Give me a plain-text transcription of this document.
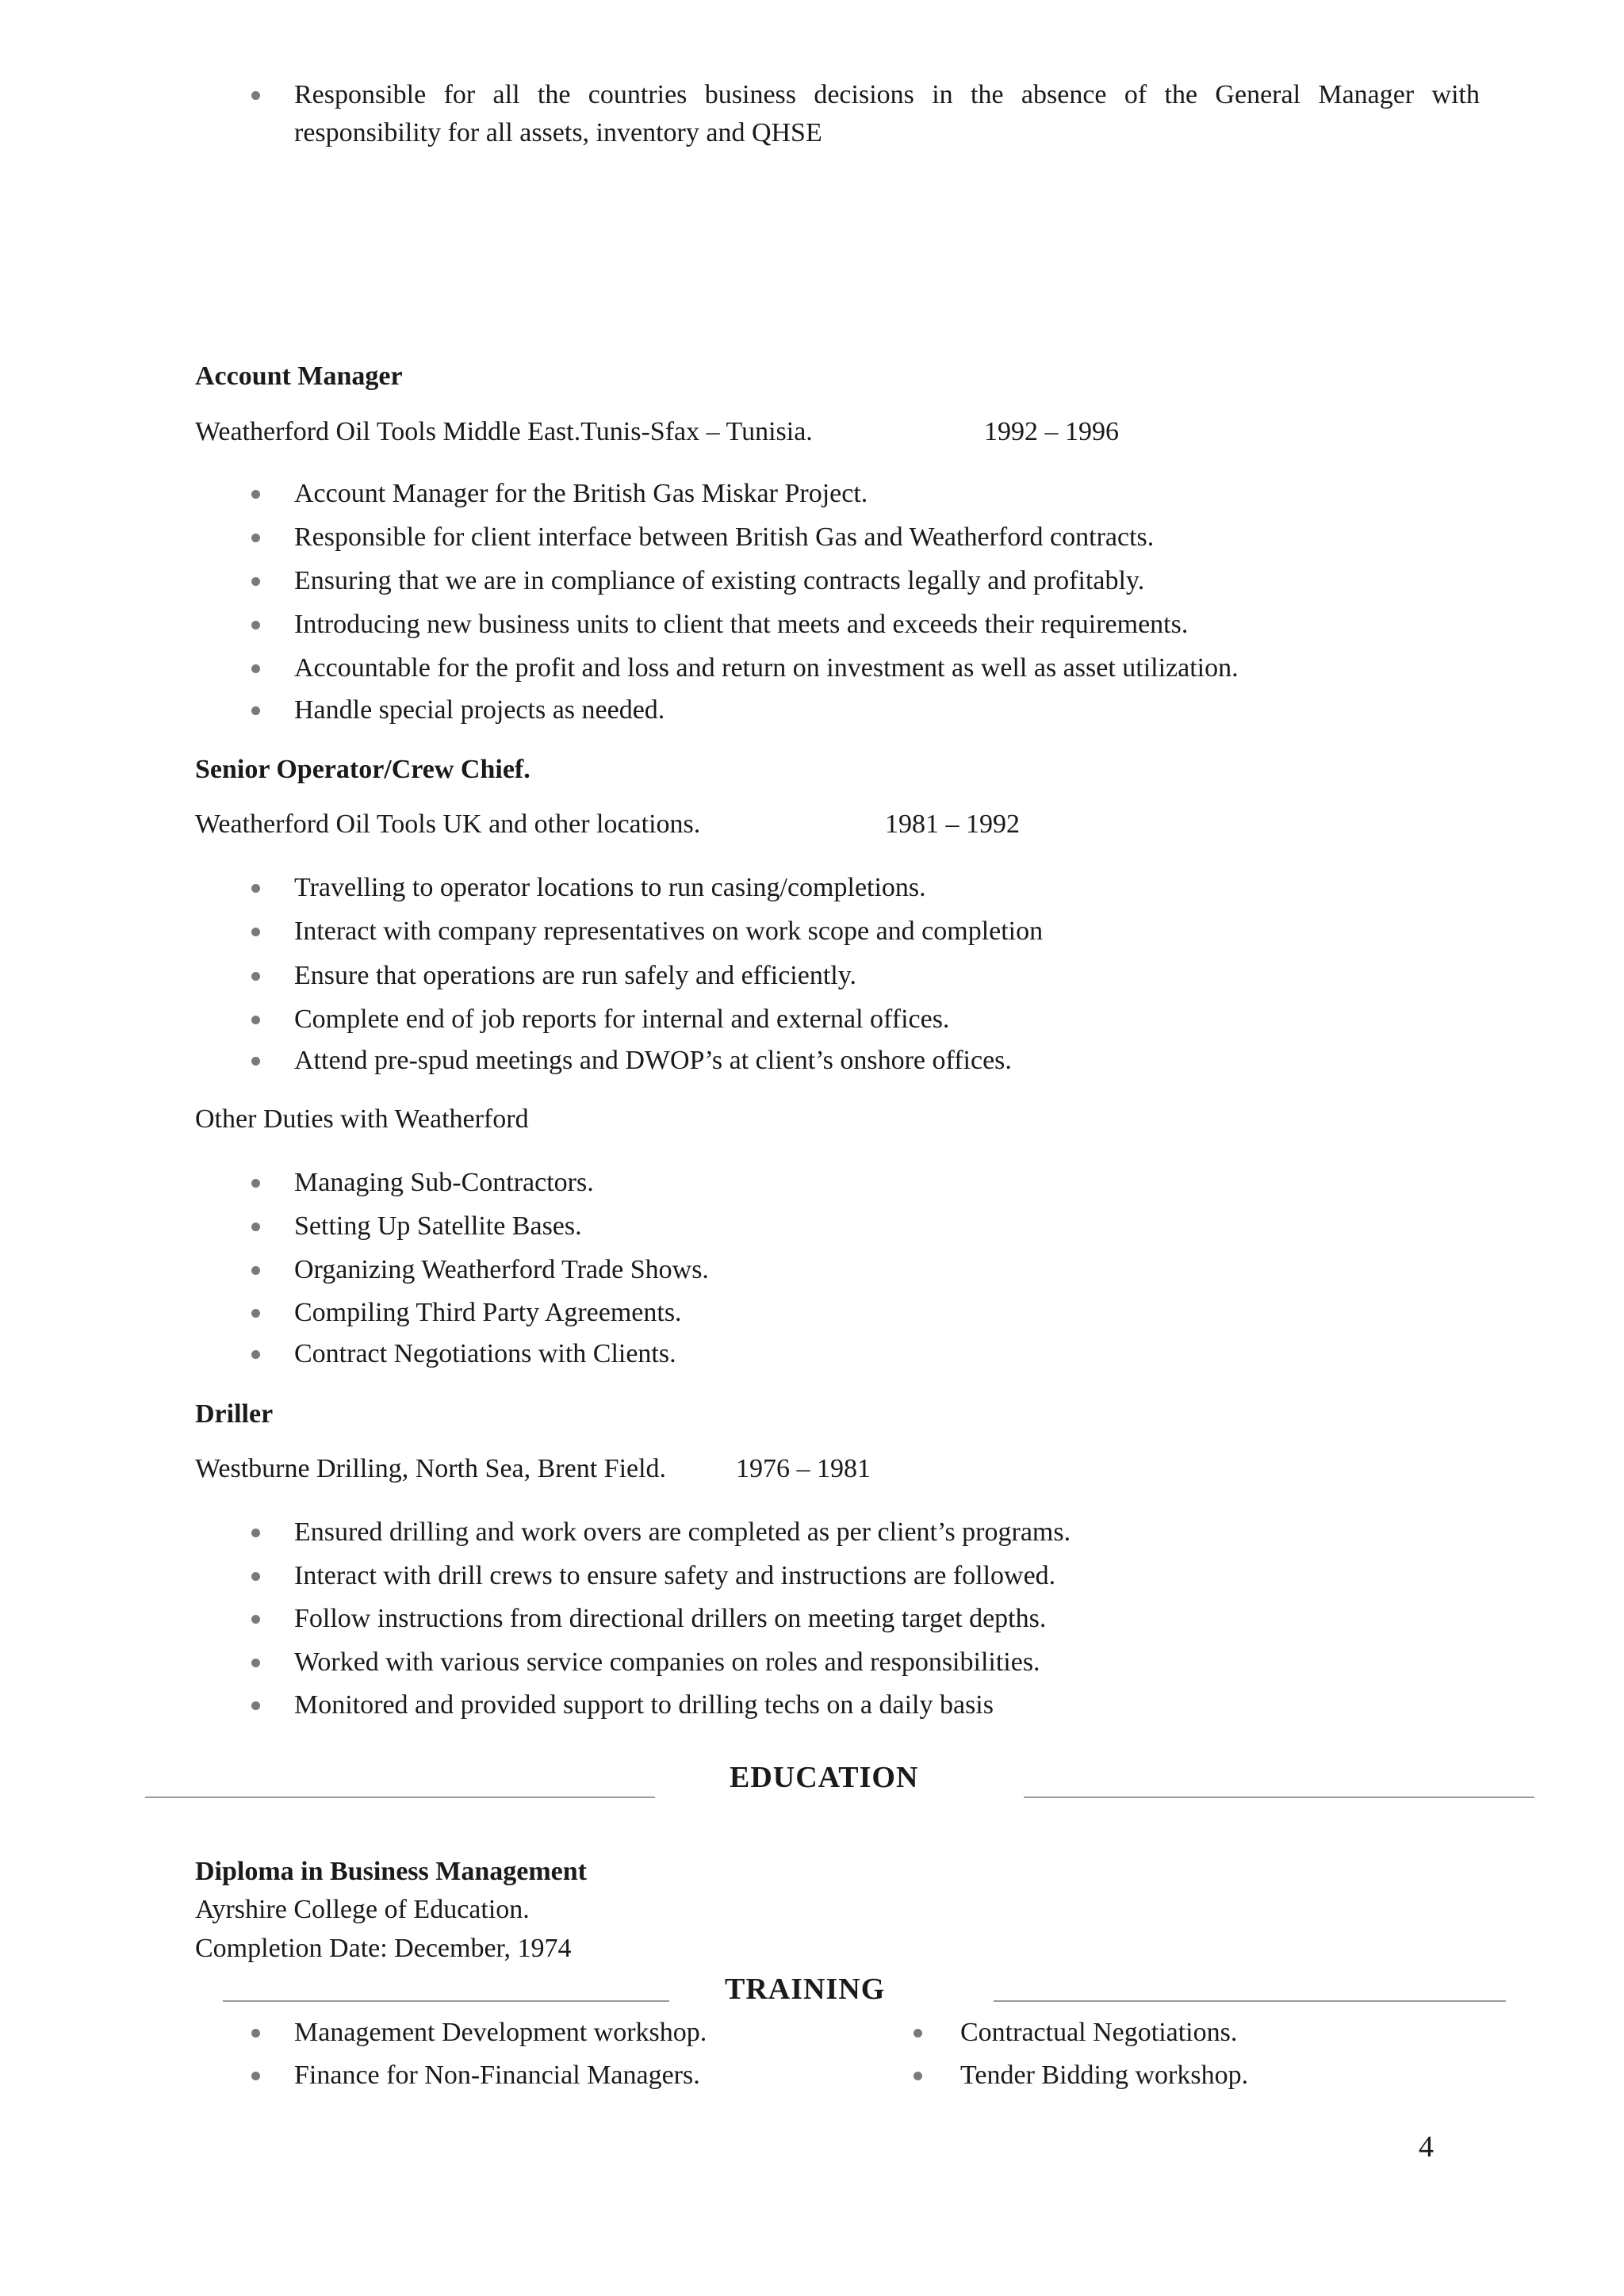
Responsible for all the countries business decisions in the absence of the General Manager with
responsibility for all assets, inventory and QHSE
Account Manager
Weatherford Oil Tools Middle East.Tunis-Sfax – Tunisia.	1992 – 1996
Account Manager for the British Gas Miskar Project.
Responsible for client interface between British Gas and Weatherford contracts.
Ensuring that we are in compliance of existing contracts legally and profitably.
Introducing new business units to client that meets and exceeds their requirements.
Accountable for the profit and loss and return on investment as well as asset utilization.
Handle special projects as needed.
Senior Operator/Crew Chief.
Weatherford Oil Tools UK and other locations.	1981 – 1992
Travelling to operator locations to run casing/completions.
Interact with company representatives on work scope and completion
Ensure that operations are run safely and efficiently.
Complete end of job reports for internal and external offices.
Attend pre-spud meetings and DWOP’s at client’s onshore offices.
Other Duties with Weatherford
Managing Sub-Contractors.
Setting Up Satellite Bases.
Organizing Weatherford Trade Shows.
Compiling Third Party Agreements.
Contract Negotiations with Clients.
Driller
Westburne Drilling, North Sea, Brent Field.	1976 – 1981
Ensured drilling and work overs are completed as per client’s programs.
Interact with drill crews to ensure safety and instructions are followed.
Follow instructions from directional drillers on meeting target depths.
Worked with various service companies on roles and responsibilities.
Monitored and provided support to drilling techs on a daily basis
EDUCATION
Diploma in Business Management
Ayrshire College of Education.
Completion Date: December, 1974
TRAINING
Management Development workshop.
Finance for Non-Financial Managers.
Contractual Negotiations.
Tender Bidding workshop.
4
